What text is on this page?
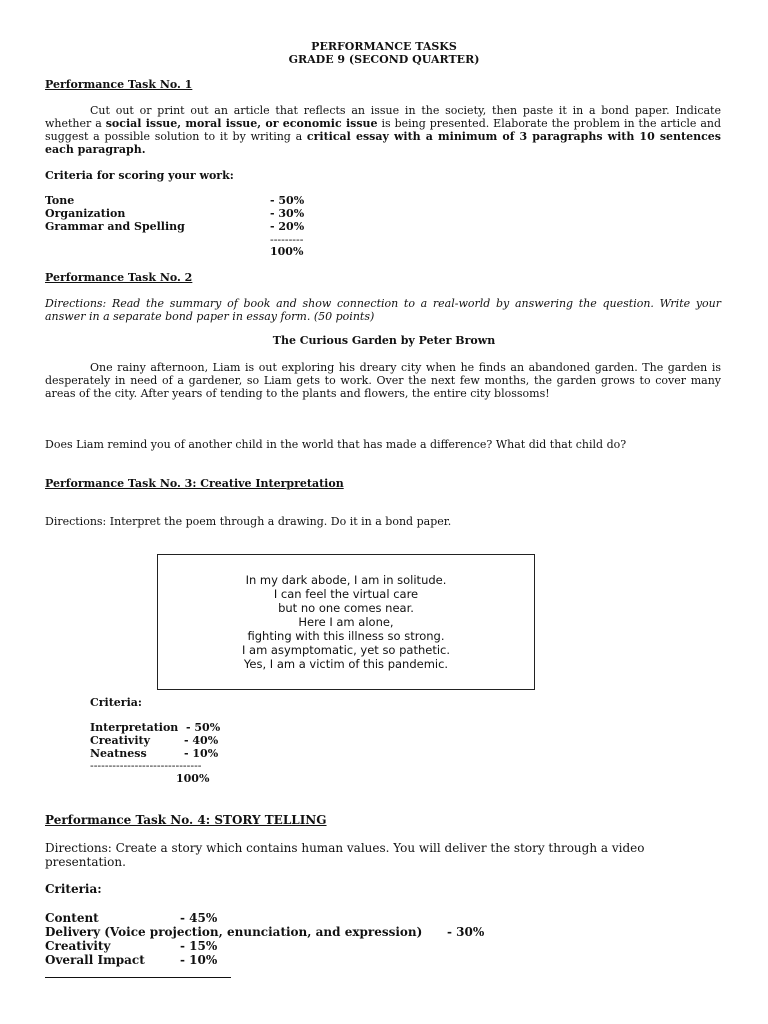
PERFORMANCE TASKS
GRADE 9 (SECOND QUARTER)
Performance Task No. 1
Cut out or print out an article that reflects an issue in the society, then paste it in a bond paper. Indicate whether a social issue, moral issue, or economic issue is being presented. Elaborate the problem in the article and suggest a possible solution to it by writing a critical essay with a minimum of 3 paragraphs with 10 sentences each paragraph.
Criteria for scoring your work:
Tone	- 50%
Organization	- 30%
Grammar and Spelling	- 20%
---------
100%
Performance Task No. 2
Directions: Read the summary of book and show connection to a real-world by answering the question. Write your answer in a separate bond paper in essay form. (50 points)
The Curious Garden by Peter Brown
One rainy afternoon, Liam is out exploring his dreary city when he finds an abandoned garden. The garden is desperately in need of a gardener, so Liam gets to work. Over the next few months, the garden grows to cover many areas of the city. After years of tending to the plants and flowers, the entire city blossoms!
Does Liam remind you of another child in the world that has made a difference? What did that child do?
Performance Task No. 3: Creative Interpretation
Directions: Interpret the poem through a drawing. Do it in a bond paper.
In my dark abode, I am in solitude.
I can feel the virtual care
but no one comes near.
Here I am alone,
fighting with this illness so strong.
I am asymptomatic, yet so pathetic.
Yes, I am a victim of this pandemic.
Criteria:
Interpretation - 50%
Creativity	- 40%
Neatness	- 10%
------------------------------
100%
Performance Task No. 4: STORY TELLING
Directions: Create a story which contains human values. You will deliver the story through a video presentation.
Criteria:
Content	- 45%
Delivery (Voice projection, enunciation, and expression) - 30%
Creativity	- 15%
Overall Impact	- 10%
